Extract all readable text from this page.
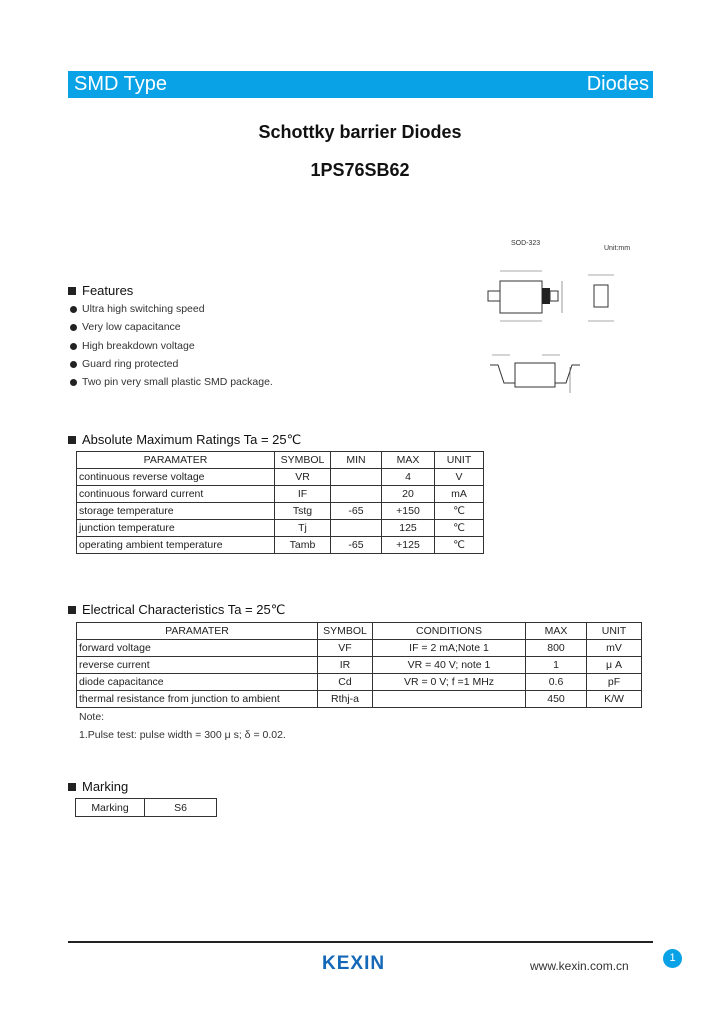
SMD Type	Diodes
Schottky barrier Diodes
1PS76SB62
SOD-323
Unit:mm
Features
Ultra high switching speed
Very low capacitance
High breakdown voltage
Guard ring protected
Two pin very small plastic SMD package.
Absolute Maximum Ratings Ta = 25℃
PARAMATER	SYMBOL	MIN	MAX	UNIT
continuous reverse voltage	VR		4	V
continuous forward current	IF		20	mA
storage temperature	Tstg	-65	+150	℃
junction temperature	Tj		125	℃
operating ambient temperature	Tamb	-65	+125	℃
Electrical Characteristics Ta = 25℃
PARAMATER	SYMBOL	CONDITIONS	MAX	UNIT
forward voltage	VF	IF = 2 mA;Note 1	800	mV
reverse current	IR	VR = 40 V; note 1	1	μ A
diode capacitance	Cd	VR = 0 V; f =1 MHz	0.6	pF
thermal resistance from junction to ambient	Rthj-a		450	K/W
Note:
1.Pulse test: pulse width = 300 μ s; δ = 0.02.
Marking
Marking	S6
KEXIN	www.kexin.com.cn
1
